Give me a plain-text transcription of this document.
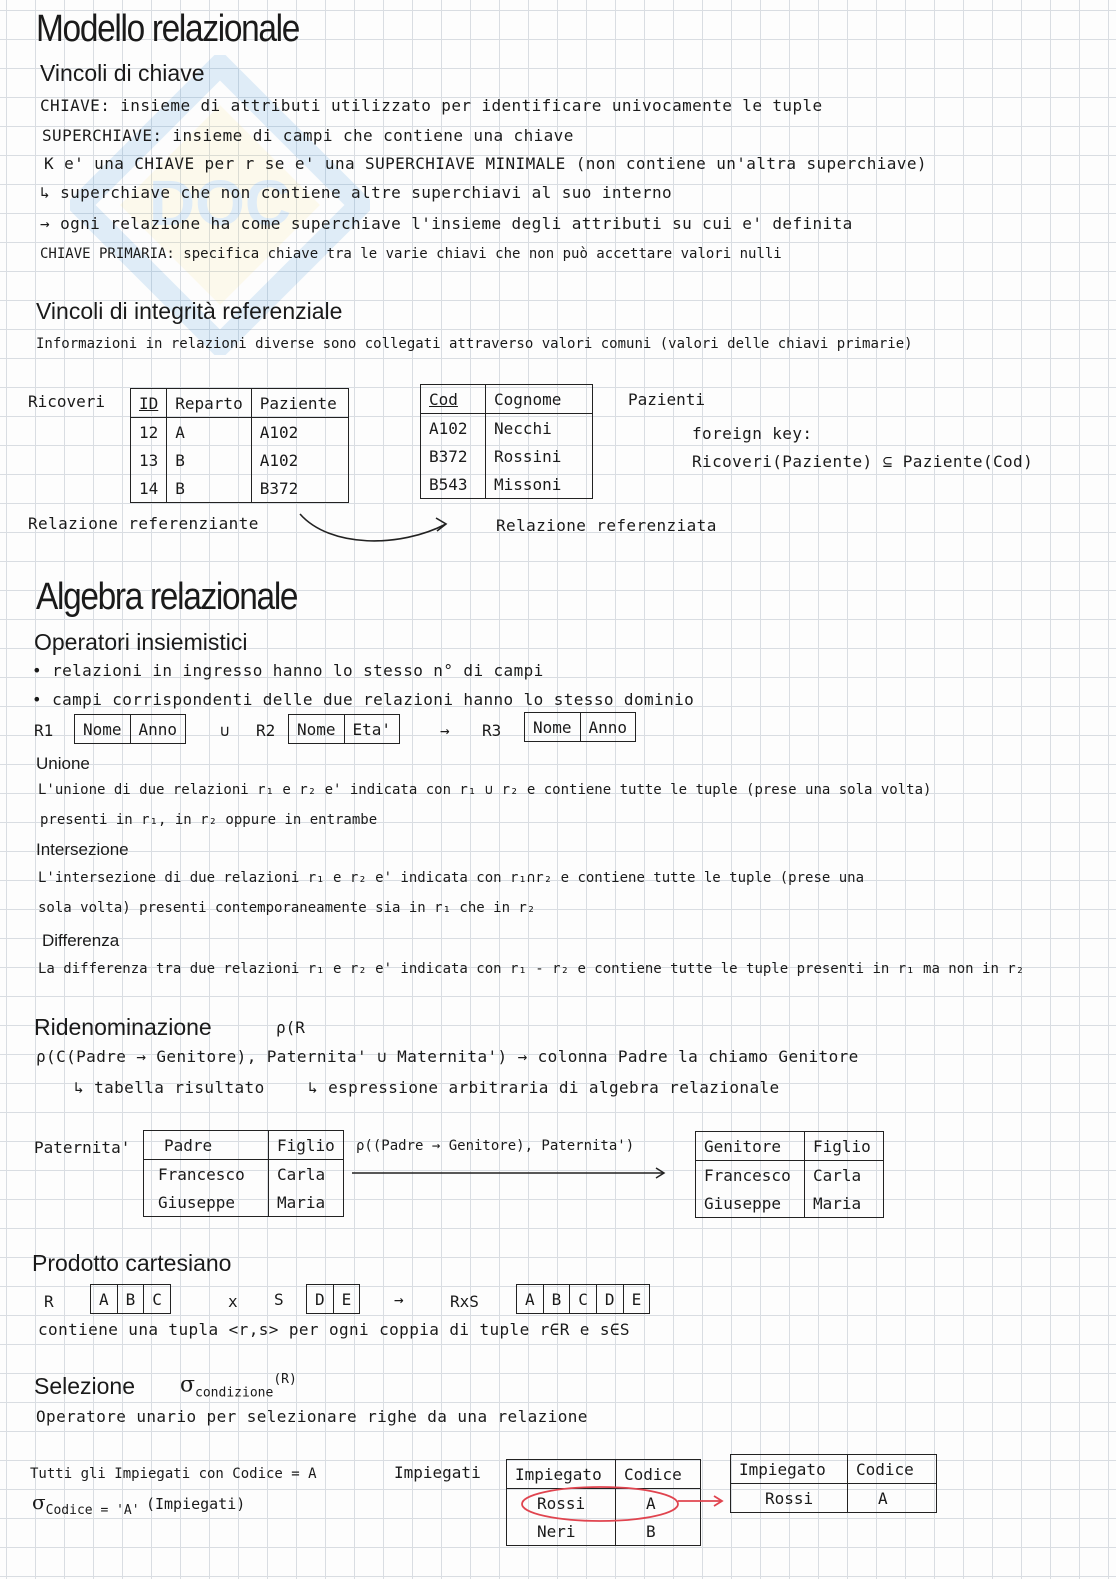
DOC
Modello relazionale
Vincoli di chiave
CHIAVE: insieme di attributi utilizzato per identificare univocamente le tuple
SUPERCHIAVE: insieme di campi che contiene una chiave
K e' una CHIAVE per r se e' una SUPERCHIAVE MINIMALE (non contiene un'altra superchiave)
↳ superchiave che non contiene altre superchiavi al suo interno
→ ogni relazione ha come superchiave l'insieme degli attributi su cui e' definita
CHIAVE PRIMARIA: specifica chiave tra le varie chiavi che non può accettare valori nulli
Vincoli di integrità referenziale
Informazioni in relazioni diverse sono collegati attraverso valori comuni (valori delle chiavi primarie)
Ricoveri ID	Reparto	Paziente
12	A	A102
13	B	A102
14	B	B372
Cod	Cognome
A102	Necchi
B372	Rossini
B543	Missoni
Pazienti
foreign key:
Ricoveri(Paziente) ⊆ Paziente(Cod)
Relazione referenziante	Relazione referenziata
Algebra relazionale
Operatori insiemistici
• relazioni in ingresso hanno lo stesso n° di campi
• campi corrispondenti delle due relazioni hanno lo stesso dominio
R1 Nome	Anno	∪ R2 Nome	Eta'	→ R3 Nome	Anno
Unione
L'unione di due relazioni r₁ e r₂ e' indicata con r₁ ∪ r₂ e contiene tutte le tuple (prese una sola volta)
presenti in r₁, in r₂ oppure in entrambe
Intersezione
L'intersezione di due relazioni r₁ e r₂ e' indicata con r₁∩r₂ e contiene tutte le tuple (prese una
sola volta) presenti contemporaneamente sia in r₁ che in r₂
Differenza
La differenza tra due relazioni r₁ e r₂ e' indicata con r₁ - r₂ e contiene tutte le tuple presenti in r₁ ma non in r₂
Ridenominazione	ρ(R
ρ(C(Padre → Genitore), Paternita' ∪ Maternita') → colonna Padre la chiamo Genitore
↳ tabella risultato	↳ espressione arbitraria di algebra relazionale
Paternita' Padre	Figlio
Francesco	Carla
Giuseppe	Maria
ρ((Padre → Genitore), Paternita')	Genitore	Figlio
Francesco	Carla
Giuseppe	Maria
Prodotto cartesiano
R	A	B	C	x S D	E	→	RxS	A	B	C	D	E
contiene una tupla <r,s> per ogni coppia di tuple r∈R e s∈S
Selezione $\sigma_{condizione}^{(R)}$
Operatore unario per selezionare righe da una relazione
Tutti gli Impiegati con Codice = A
$\sigma_{Codice = 'A'}$ (Impiegati)
Impiegati Impiegato	Codice
Rossi	A
Neri	B
Impiegato	Codice
Rossi	A
